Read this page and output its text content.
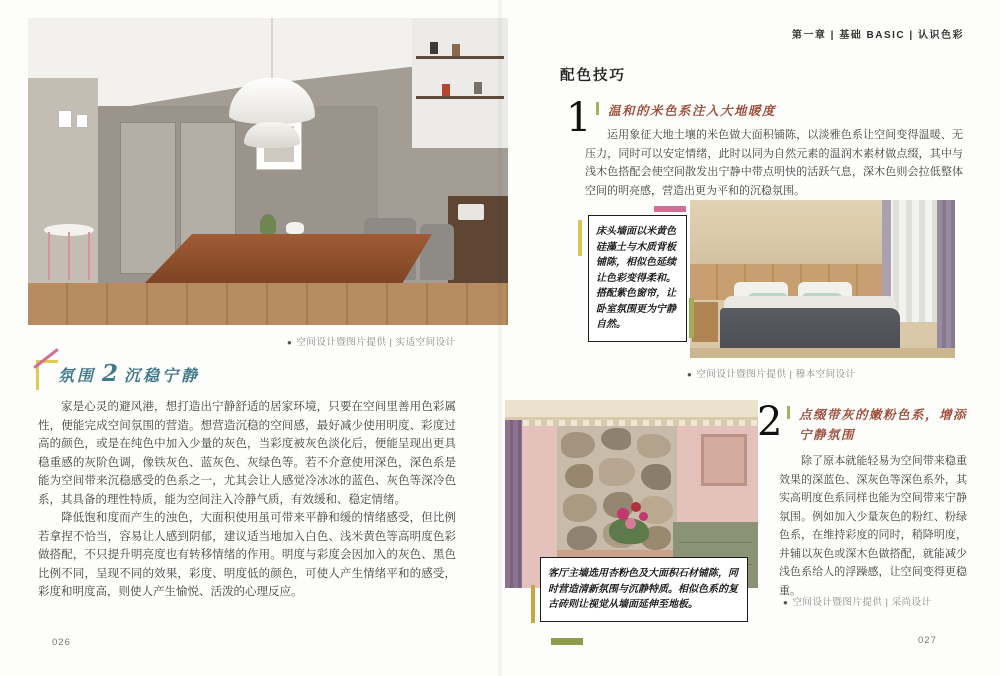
● 空间设计暨图片提供 | 实适空间设计
氛围 2 沉稳宁静

家是心灵的避风港，想打造出宁静舒适的居家环境，只要在空间里善用色彩属性，便能完成空间氛围的营造。想营造沉稳的空间感，最好减少使用明度、彩度过高的颜色，或是在纯色中加入少量的灰色，当彩度被灰色淡化后，便能呈现出更具稳重感的灰阶色调，像铁灰色、蓝灰色、灰绿色等。若不介意使用深色，深色系是能为空间带来沉稳感受的色系之一，尤其会让人感觉冷冰冰的蓝色、灰色等深冷色系，其具备的理性特质，能为空间注入冷静气质，有效缓和、稳定情绪。

降低饱和度而产生的浊色，大面积使用虽可带来平静和缓的情绪感受，但比例若拿捏不恰当，容易让人感到阴郁，建议适当地加入白色、浅米黄色等高明度色彩做搭配，不只提升明亮度也有转移情绪的作用。明度与彩度会因加入的灰色、黑色比例不同，呈现不同的效果，彩度、明度低的颜色，可使人产生情绪平和的感受，彩度和明度高，则使人产生愉悦、活泼的心理反应。

026
第一章 | 基础 BASIC | 认识色彩
配色技巧
1 温和的米色系注入大地暖度

运用象征大地土壤的米色做大面积铺陈，以淡雅色系让空间变得温暖、无压力，同时可以安定情绪，此时以同为自然元素的温润木素材做点缀，其中与浅木色搭配会使空间散发出宁静中带点明快的活跃气息，深木色则会拉低整体空间的明亮感，营造出更为平和的沉稳氛围。

● 空间设计暨图片提供 | 穆本空间设计
床头墙面以米黄色硅藻土与木质背板铺陈，相似色延续让色彩变得柔和。搭配紫色窗帘，让卧室氛围更为宁静自然。
客厅主墙选用杏粉色及大面积石材铺陈，同时营造清新氛围与沉静特质。相似色系的复古砖则让视觉从墙面延伸至地板。
2 点缀带灰的嫩粉色系，增添宁静氛围

除了原本就能轻易为空间带来稳重效果的深蓝色、深灰色等深色系外，其实高明度色系同样也能为空间带来宁静氛围。例如加入少量灰色的粉红、粉绿色系，在维持彩度的同时，稍降明度，并辅以灰色或深木色做搭配，就能减少浅色系给人的浮躁感，让空间变得更稳重。

● 空间设计暨图片提供 | 采尚设计
027
